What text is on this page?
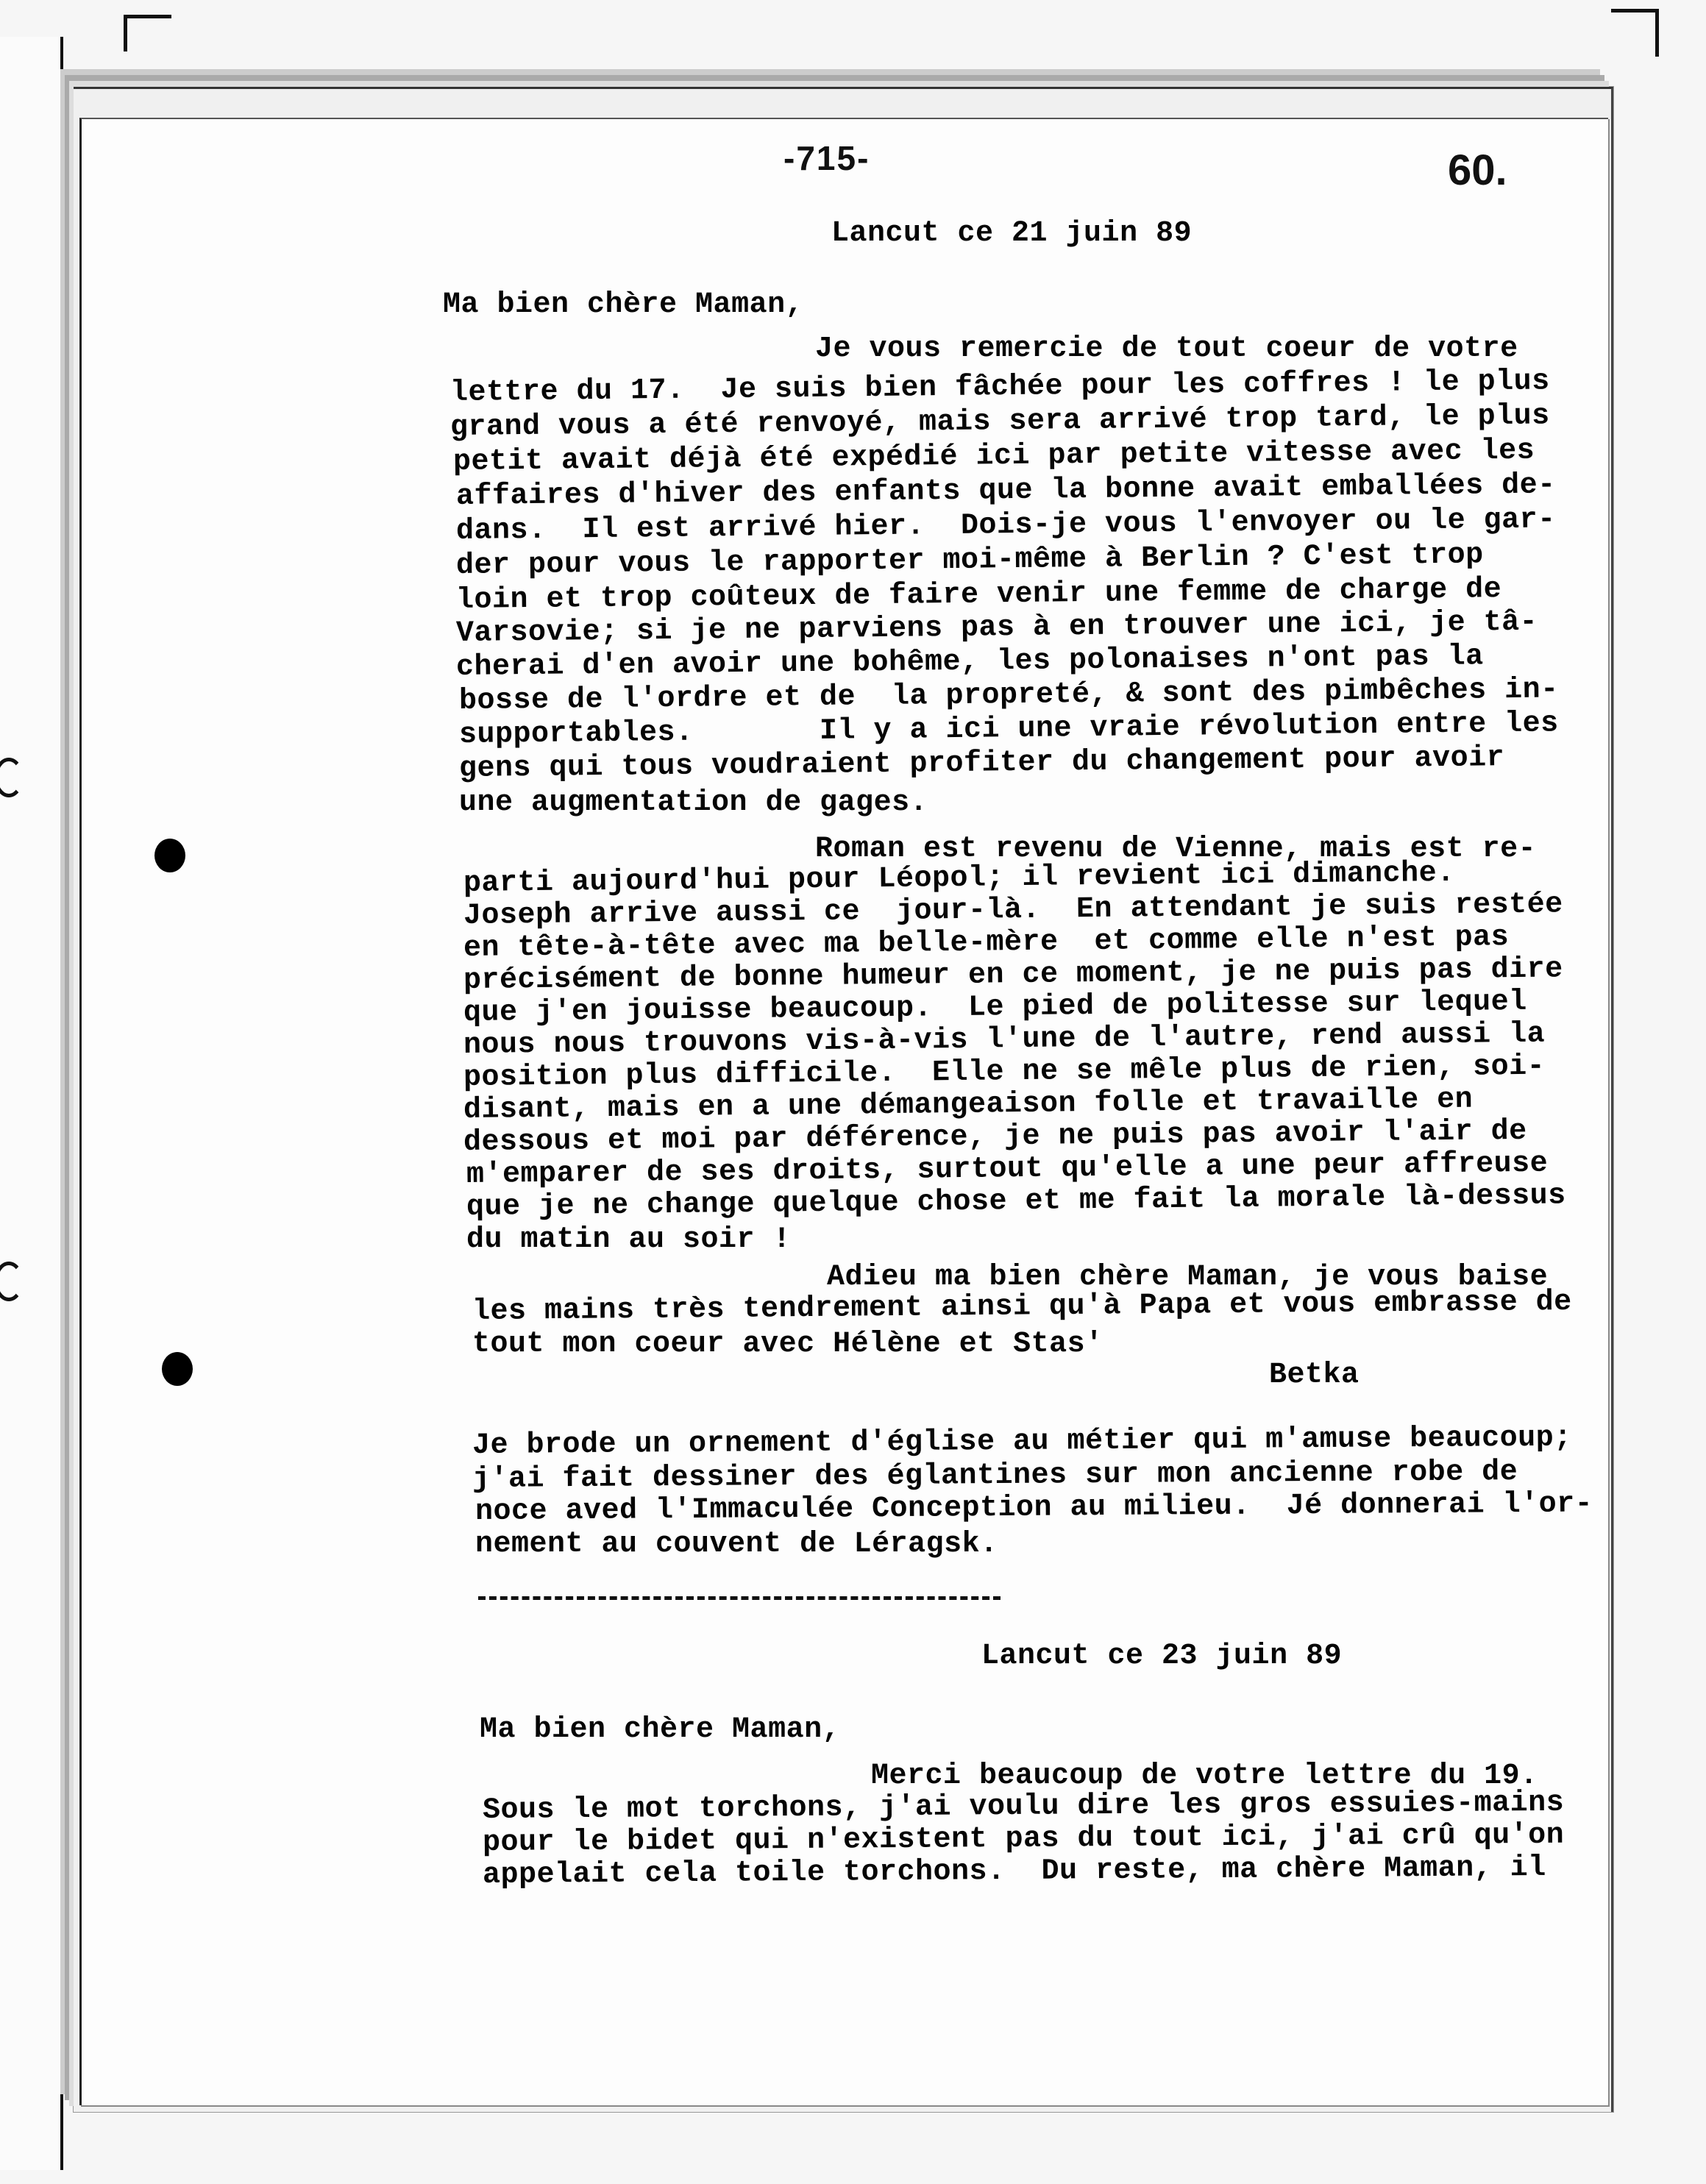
-715-	60.
Lancut ce 21 juin 89
Ma bien chère Maman,
Je vous remercie de tout coeur de votre
lettre du 17.  Je suis bien fâchée pour les coffres ! le plus
grand vous a été renvoyé, mais sera arrivé trop tard, le plus
petit avait déjà été expédié ici par petite vitesse avec les
affaires d'hiver des enfants que la bonne avait emballées de-
dans.  Il est arrivé hier.  Dois-je vous l'envoyer ou le gar-
der pour vous le rapporter moi-même à Berlin ? C'est trop
loin et trop coûteux de faire venir une femme de charge de
Varsovie; si je ne parviens pas à en trouver une ici, je tâ-
cherai d'en avoir une bohême, les polonaises n'ont pas la
bosse de l'ordre et de  la propreté, & sont des pimbêches in-
supportables.       Il y a ici une vraie révolution entre les
gens qui tous voudraient profiter du changement pour avoir
une augmentation de gages.
Roman est revenu de Vienne, mais est re-
parti aujourd'hui pour Léopol; il revient ici dimanche.
Joseph arrive aussi ce  jour-là.  En attendant je suis restée
en tête-à-tête avec ma belle-mère  et comme elle n'est pas
précisément de bonne humeur en ce moment, je ne puis pas dire
que j'en jouisse beaucoup.  Le pied de politesse sur lequel
nous nous trouvons vis-à-vis l'une de l'autre, rend aussi la
position plus difficile.  Elle ne se mêle plus de rien, soi-
disant, mais en a une démangeaison folle et travaille en
dessous et moi par déférence, je ne puis pas avoir l'air de
m'emparer de ses droits, surtout qu'elle a une peur affreuse
que je ne change quelque chose et me fait la morale là-dessus
du matin au soir !
Adieu ma bien chère Maman, je vous baise
les mains très tendrement ainsi qu'à Papa et vous embrasse de
tout mon coeur avec Hélène et Stas'
Betka
Je brode un ornement d'église au métier qui m'amuse beaucoup;
j'ai fait dessiner des églantines sur mon ancienne robe de
noce aved l'Immaculée Conception au milieu.  Jé donnerai l'or-
nement au couvent de Léragsk.
Lancut ce 23 juin 89
Ma bien chère Maman,
Merci beaucoup de votre lettre du 19.
Sous le mot torchons, j'ai voulu dire les gros essuies-mains
pour le bidet qui n'existent pas du tout ici, j'ai crû qu'on
appelait cela toile torchons.  Du reste, ma chère Maman, il
